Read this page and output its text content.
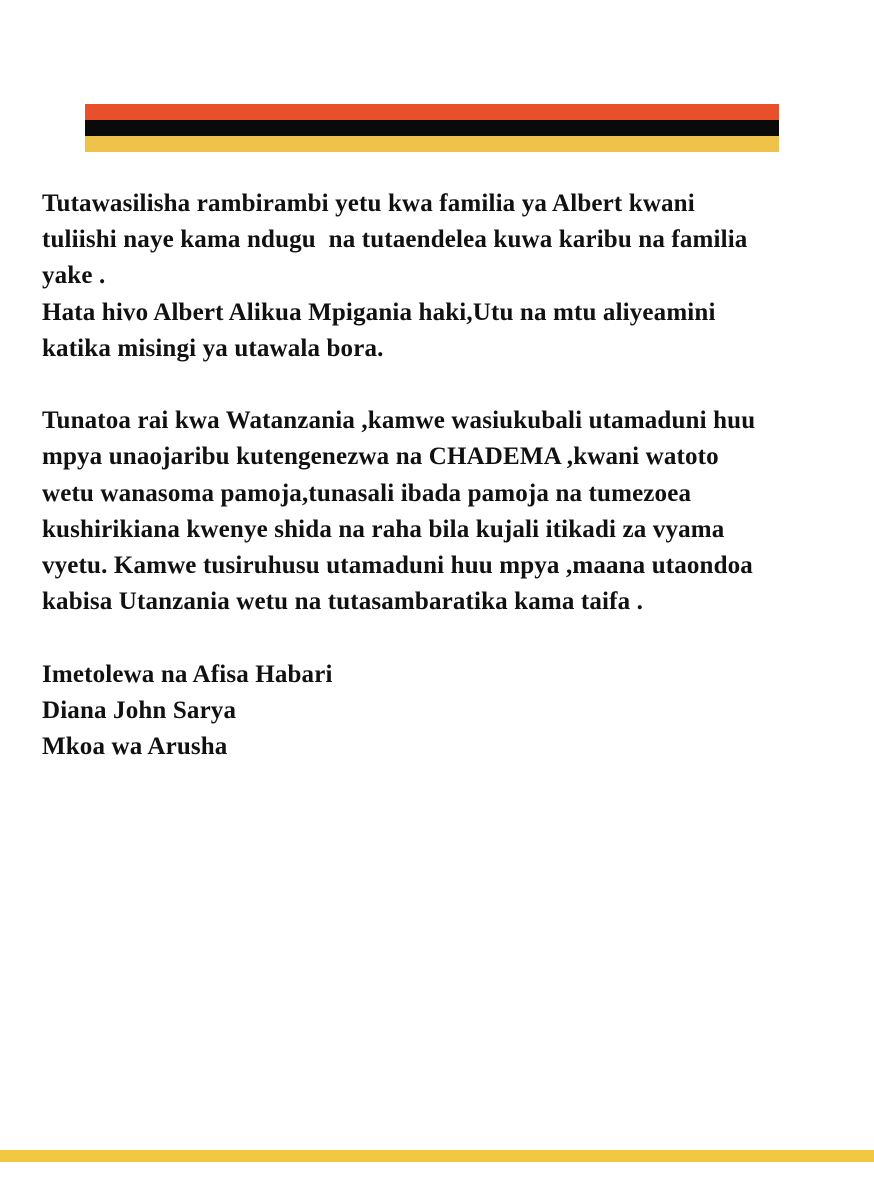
Tutawasilisha rambirambi yetu kwa familia ya Albert kwani

tuliishi naye kama ndugu  na tutaendelea kuwa karibu na familia

yake .

Hata hivo Albert Alikua Mpigania haki,Utu na mtu aliyeamini

katika misingi ya utawala bora.

Tunatoa rai kwa Watanzania ,kamwe wasiukubali utamaduni huu

mpya unaojaribu kutengenezwa na CHADEMA ,kwani watoto

wetu wanasoma pamoja,tunasali ibada pamoja na tumezoea

kushirikiana kwenye shida na raha bila kujali itikadi za vyama

vyetu. Kamwe tusiruhusu utamaduni huu mpya ,maana utaondoa

kabisa Utanzania wetu na tutasambaratika kama taifa .

Imetolewa na Afisa Habari

Diana John Sarya

Mkoa wa Arusha
